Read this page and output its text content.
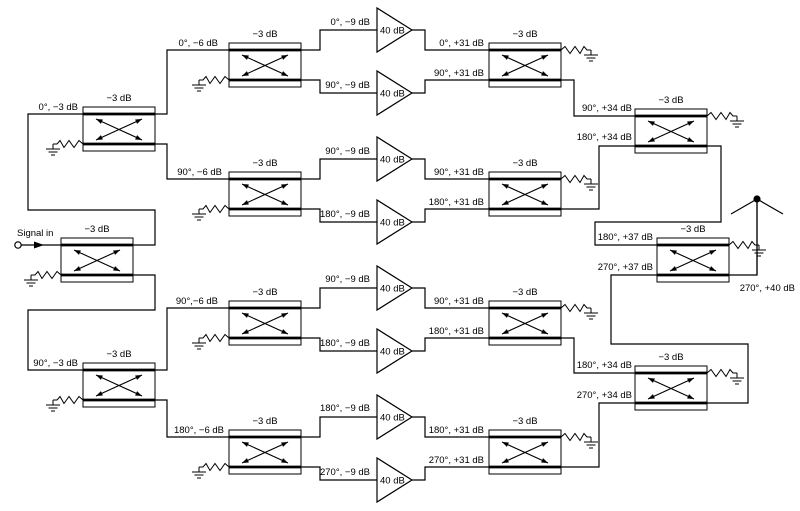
−3 dB
−3 dB
−3 dB
−3 dB
−3 dB
−3 dB
−3 dB
−3 dB
−3 dB
−3 dB
−3 dB
−3 dB
−3 dB
−3 dB
40 dB
40 dB
40 dB
40 dB
40 dB
40 dB
40 dB
40 dB
Signal in
0°, −3 dB
90°, −3 dB
0°, −6 dB
90°, −6 dB
90°,−6 dB
180°, −6 dB
0°, −9 dB
90°, −9 dB
90°, −9 dB
180°, −9 dB
90°, −9 dB
180°, −9 dB
180°, −9 dB
270°, −9 dB
0°, +31 dB
90°, +31 dB
90°, +31 dB
180°, +31 dB
90°, +31 dB
180°, +31 dB
180°, +31 dB
270°, +31 dB
90°, +34 dB
180°, +34 dB
180°, +34 dB
270°, +34 dB
180°, +37 dB
270°, +37 dB
270°, +40 dB
